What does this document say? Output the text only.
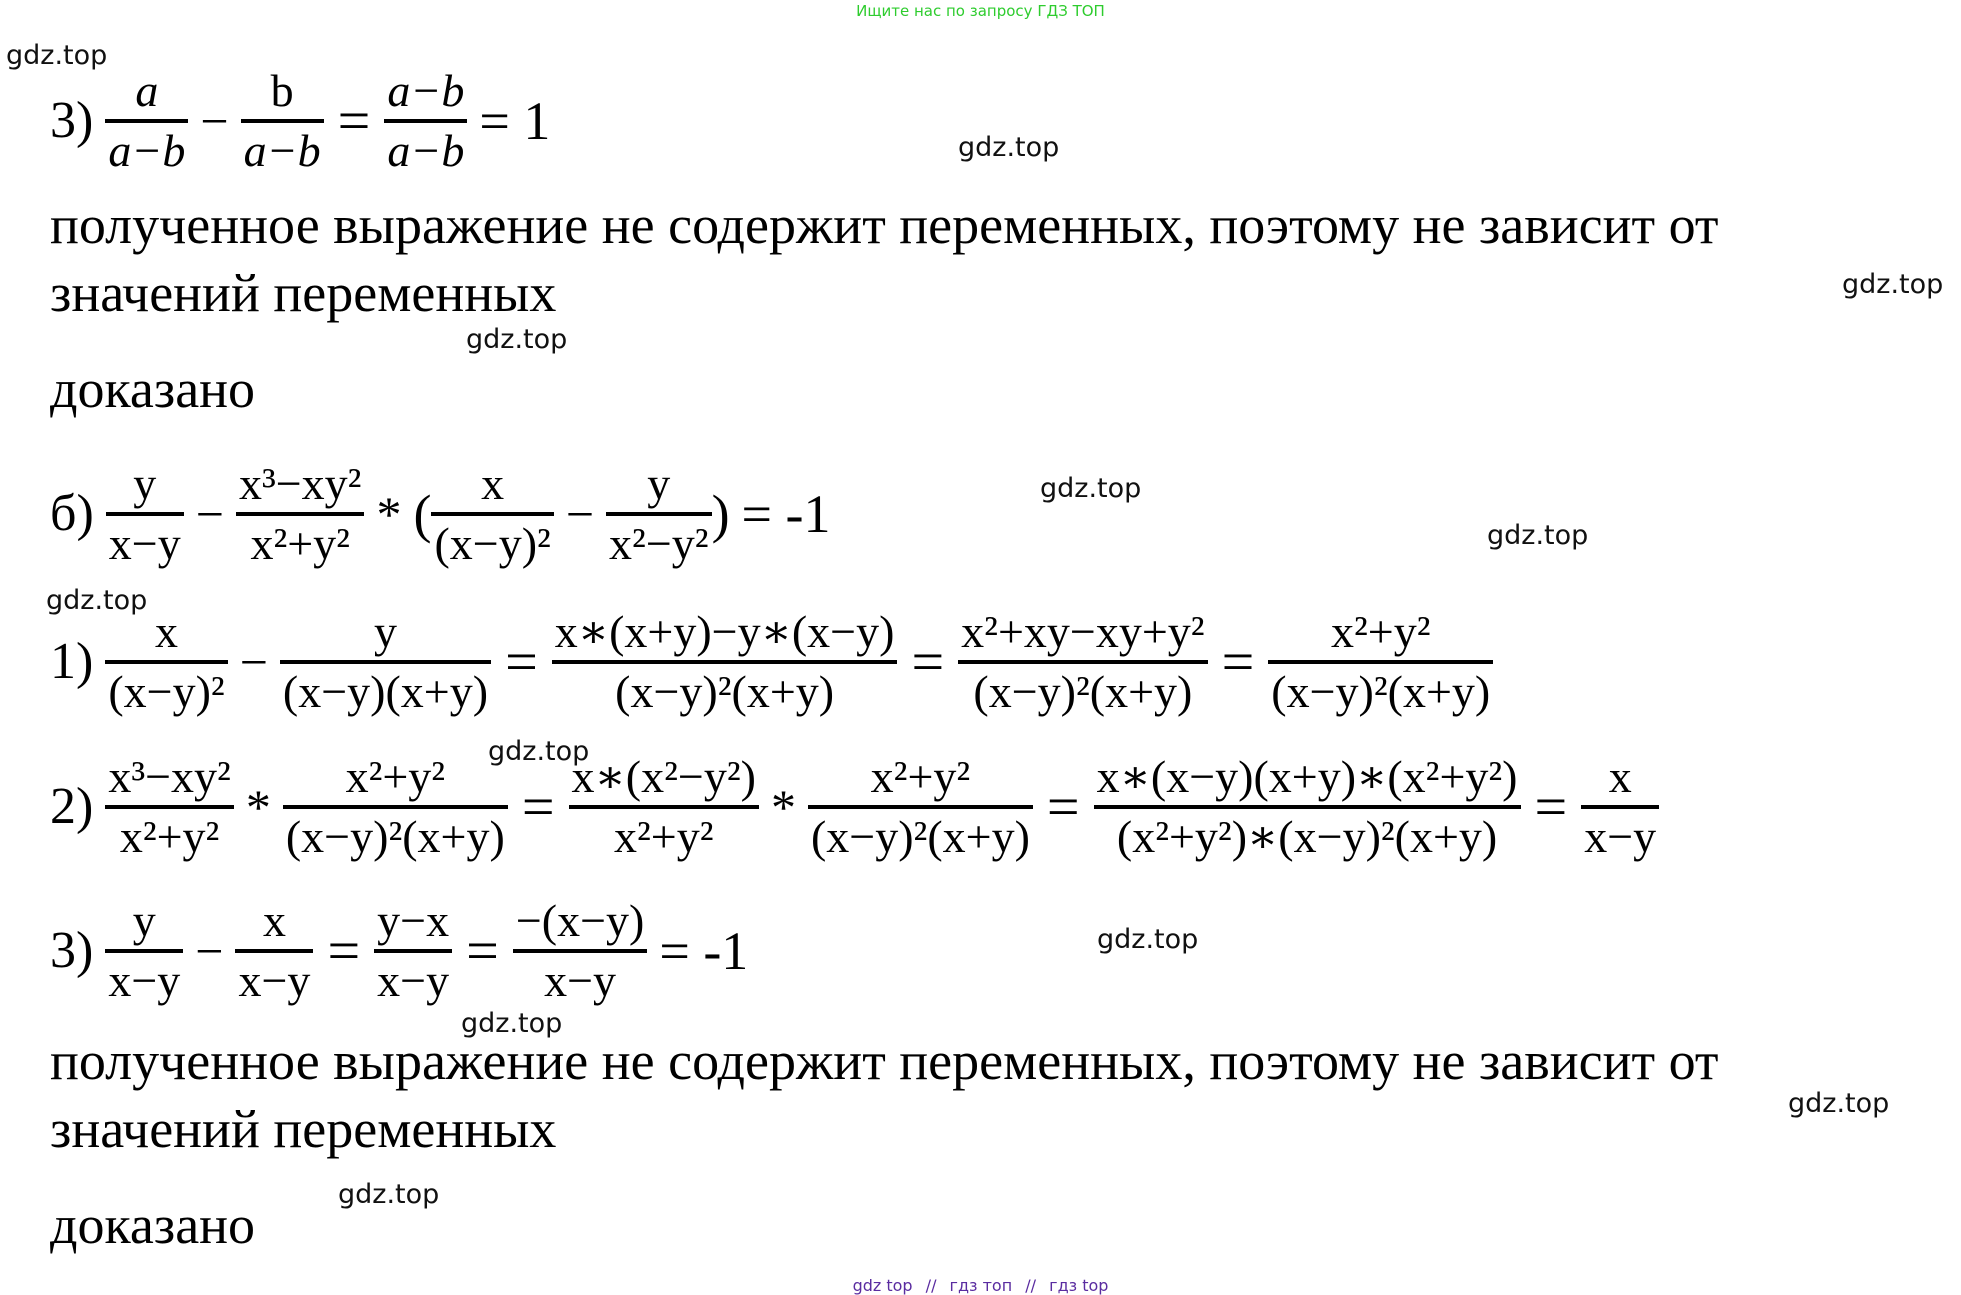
Ищите нас по запросу ГДЗ ТОП
gdz.top
gdz.top
gdz.top
gdz.top
gdz.top
gdz.top
gdz.top
gdz.top
gdz.top
gdz.top
gdz.top
gdz.top
$3) \frac{a}{a-b} - \frac{b}{a-b} = \frac{a-b}{a-b} = 1$
полученное выражение не содержит переменных, поэтому не зависит от
значений переменных
доказано
$б) \frac{y}{x-y} - \frac{\text{x³−xy²}}{\text{x²+y²}}$ * ( $\frac{x}{\text{(x−y)²}} - \frac{y}{\text{x²−y²}}$ ) = -1
$1) \frac{x}{\text{(x−y)²}} - \frac{y}{(x-y)(x+y)} = \frac{x∗(x+y)-y∗(x-y)}{\text{(x−y)²(x+y)}} = \frac{\text{x²+xy−xy+y²}}{\text{(x−y)²(x+y)}} = \frac{\text{x²+y²}}{\text{(x−y)²(x+y)}}$
$2) \frac{\text{x³−xy²}}{\text{x²+y²}} * \frac{\text{x²+y²}}{\text{(x−y)²(x+y)}} = \frac{\text{x∗(x²−y²)}}{\text{x²+y²}} * \frac{\text{x²+y²}}{\text{(x−y)²(x+y)}} = \frac{\text{x∗(x−y)(x+y)∗(x²+y²)}}{\text{(x²+y²)∗(x−y)²(x+y)}} = \frac{x}{x-y}$
$3) \frac{y}{x-y} - \frac{x}{x-y} = \frac{y-x}{x-y} = \frac{-(x-y)}{x-y} = -1$
полученное выражение не содержит переменных, поэтому не зависит от
значений переменных
доказано
gdz top // гдз топ // гдз top
